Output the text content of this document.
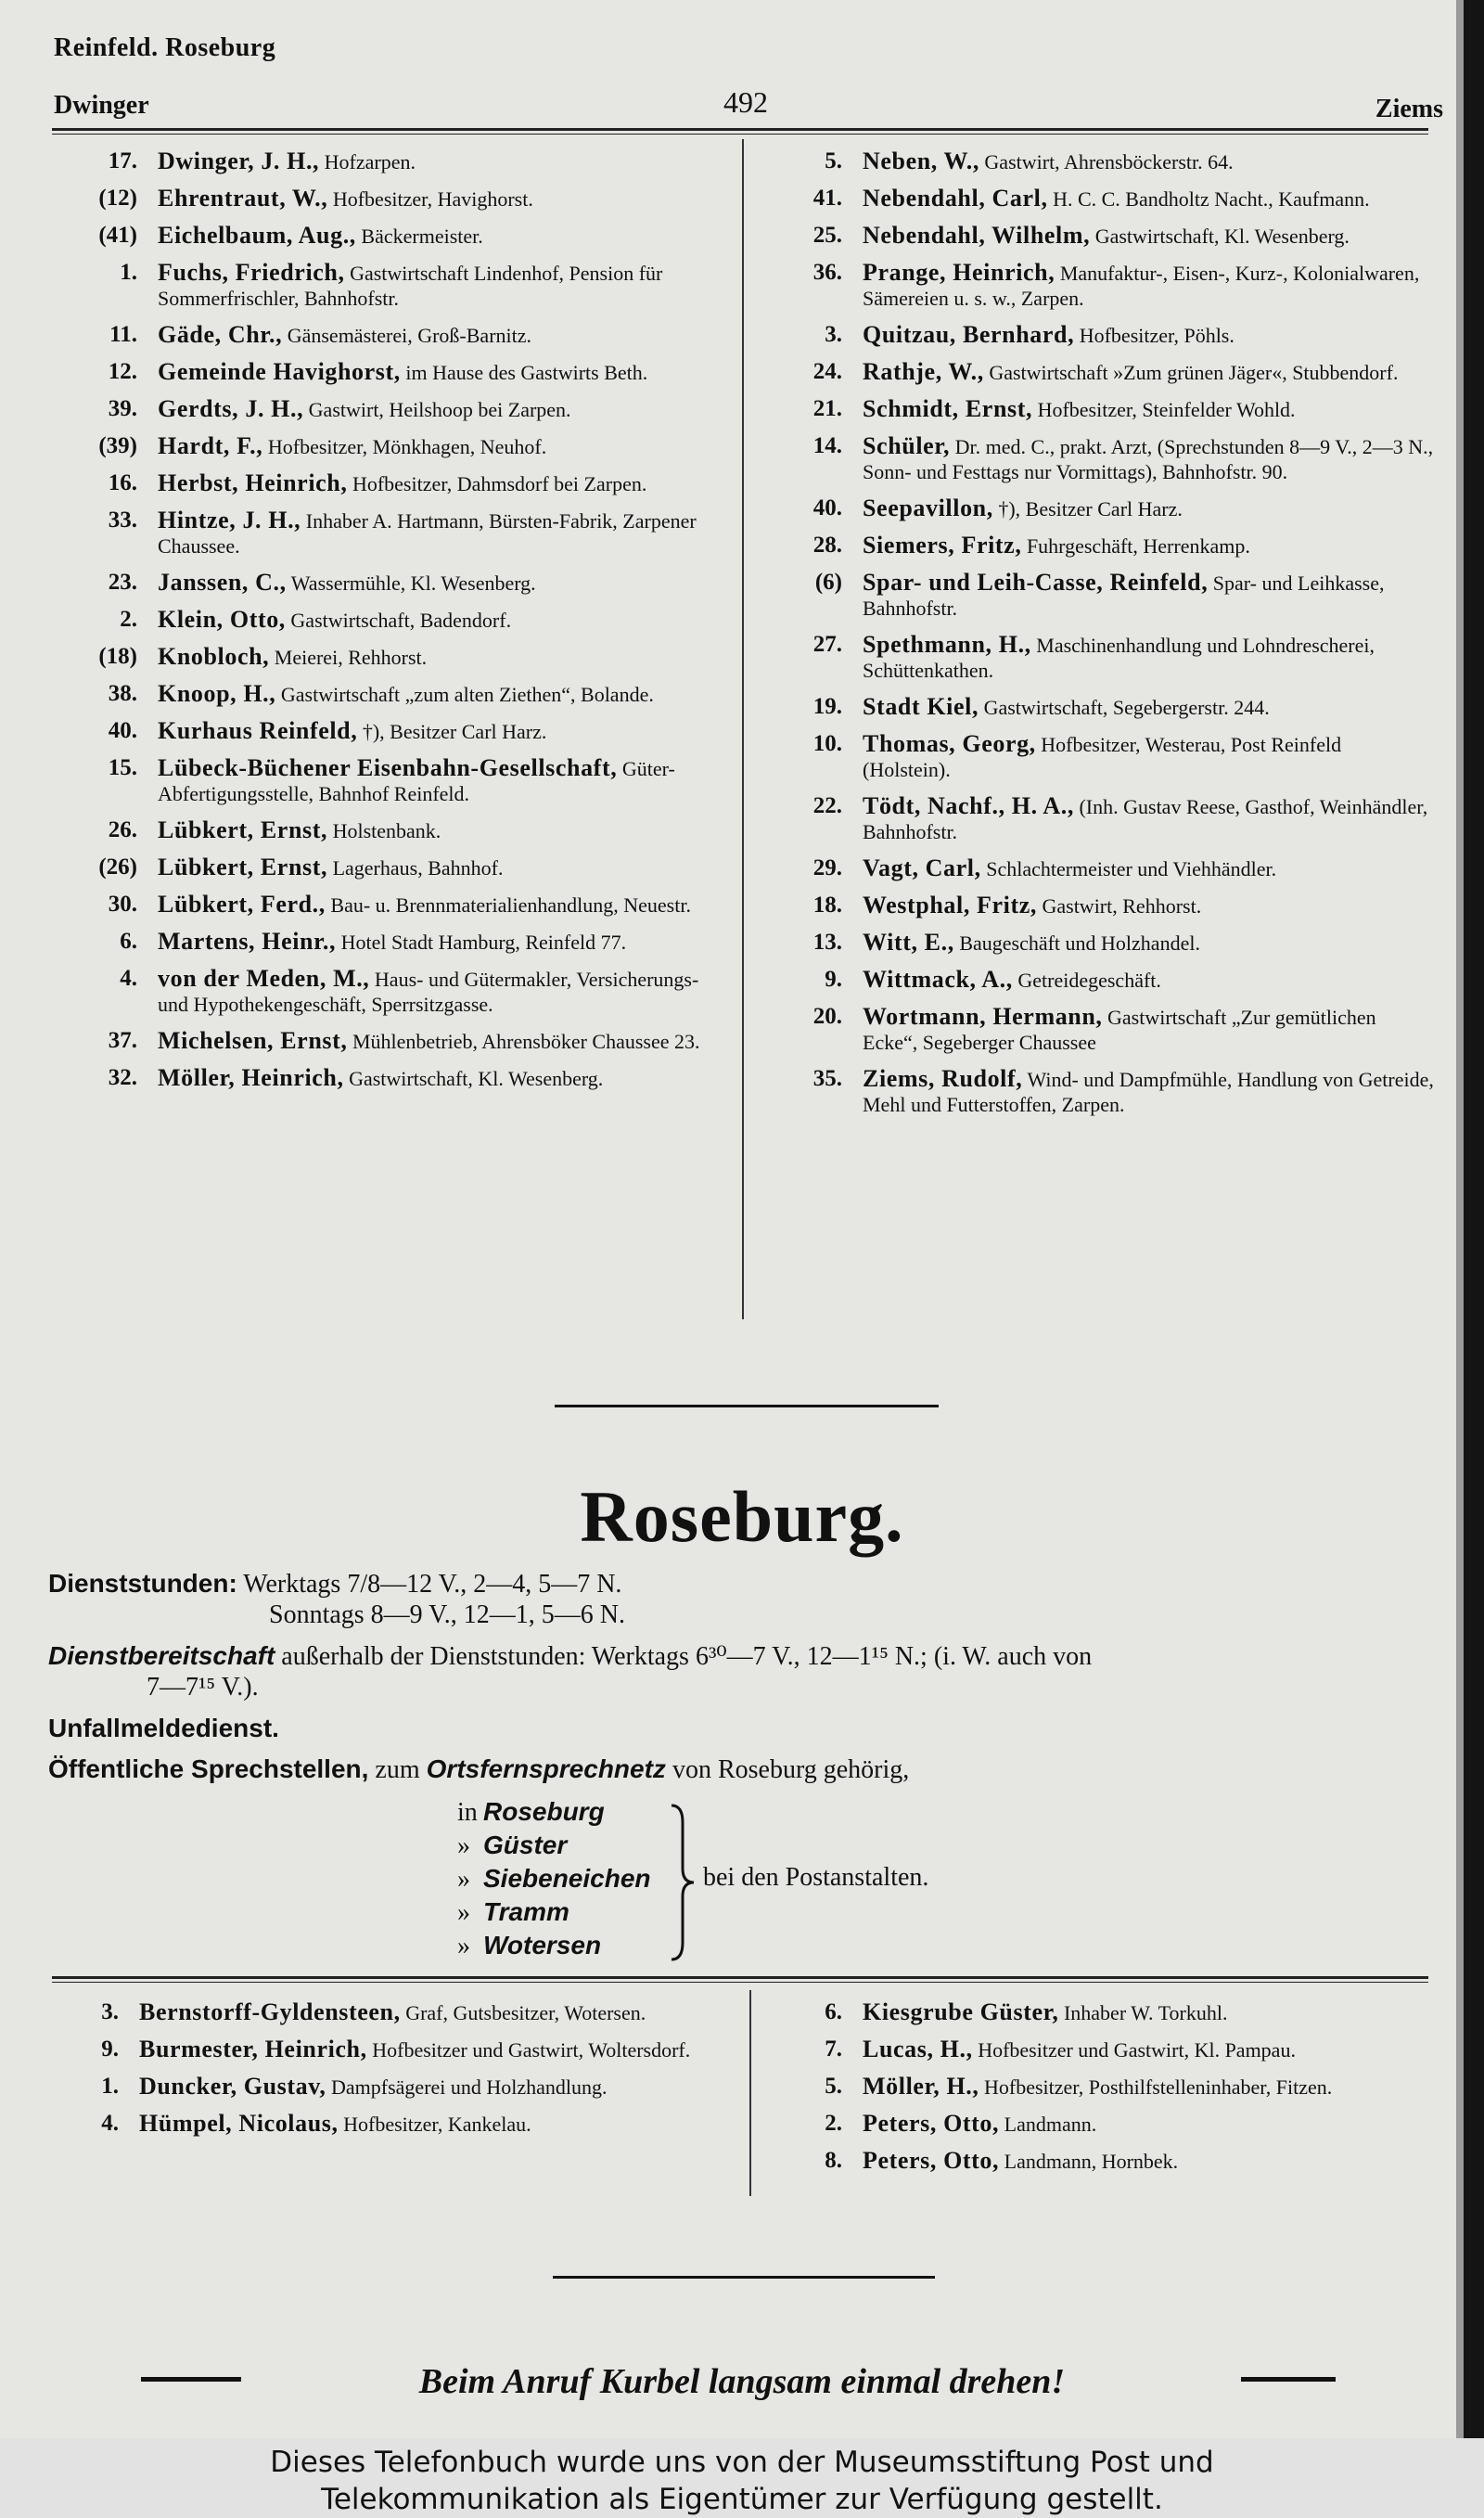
Reinfeld. Roseburg
Dwinger	492	Ziems
17. Dwinger, J. H., Hofzarpen.
(12) Ehrentraut, W., Hofbesitzer, Havighorst.
(41) Eichelbaum, Aug., Bäckermeister.
1. Fuchs, Friedrich, Gastwirtschaft Lindenhof, Pension für Sommerfrischler, Bahnhofstr.
11. Gäde, Chr., Gänsemästerei, Groß-Barnitz.
12. Gemeinde Havighorst, im Hause des Gastwirts Beth.
39. Gerdts, J. H., Gastwirt, Heilshoop bei Zarpen.
(39) Hardt, F., Hofbesitzer, Mönkhagen, Neuhof.
16. Herbst, Heinrich, Hofbesitzer, Dahmsdorf bei Zarpen.
33. Hintze, J. H., Inhaber A. Hartmann, Bürsten-Fabrik, Zarpener Chaussee.
23. Janssen, C., Wassermühle, Kl. Wesenberg.
2. Klein, Otto, Gastwirtschaft, Badendorf.
(18) Knobloch, Meierei, Rehhorst.
38. Knoop, H., Gastwirtschaft „zum alten Ziethen“, Bolande.
40. Kurhaus Reinfeld, †), Besitzer Carl Harz.
15. Lübeck-Büchener Eisenbahn-Gesellschaft, Güter-Abfertigungsstelle, Bahnhof Reinfeld.
26. Lübkert, Ernst, Holstenbank.
(26) Lübkert, Ernst, Lagerhaus, Bahnhof.
30. Lübkert, Ferd., Bau- u. Brennmaterialienhandlung, Neuestr.
6. Martens, Heinr., Hotel Stadt Hamburg, Reinfeld 77.
4. von der Meden, M., Haus- und Gütermakler, Versicherungs- und Hypothekengeschäft, Sperrsitzgasse.
37. Michelsen, Ernst, Mühlenbetrieb, Ahrensböker Chaussee 23.
32. Möller, Heinrich, Gastwirtschaft, Kl. Wesenberg.
5. Neben, W., Gastwirt, Ahrensböckerstr. 64.
41. Nebendahl, Carl, H. C. C. Bandholtz Nacht., Kaufmann.
25. Nebendahl, Wilhelm, Gastwirtschaft, Kl. Wesenberg.
36. Prange, Heinrich, Manufaktur-, Eisen-, Kurz-, Kolonialwaren, Sämereien u. s. w., Zarpen.
3. Quitzau, Bernhard, Hofbesitzer, Pöhls.
24. Rathje, W., Gastwirtschaft »Zum grünen Jäger«, Stubbendorf.
21. Schmidt, Ernst, Hofbesitzer, Steinfelder Wohld.
14. Schüler, Dr. med. C., prakt. Arzt, (Sprechstunden 8—9 V., 2—3 N., Sonn- und Festtags nur Vormittags), Bahnhofstr. 90.
40. Seepavillon, †), Besitzer Carl Harz.
28. Siemers, Fritz, Fuhrgeschäft, Herrenkamp.
(6) Spar- und Leih-Casse, Reinfeld, Spar- und Leihkasse, Bahnhofstr.
27. Spethmann, H., Maschinenhandlung und Lohndrescherei, Schüttenkathen.
19. Stadt Kiel, Gastwirtschaft, Segebergerstr. 244.
10. Thomas, Georg, Hofbesitzer, Westerau, Post Reinfeld (Holstein).
22. Tödt, Nachf., H. A., (Inh. Gustav Reese, Gasthof, Weinhändler, Bahnhofstr.
29. Vagt, Carl, Schlachtermeister und Viehhändler.
18. Westphal, Fritz, Gastwirt, Rehhorst.
13. Witt, E., Baugeschäft und Holzhandel.
9. Wittmack, A., Getreidegeschäft.
20. Wortmann, Hermann, Gastwirtschaft „Zur gemütlichen Ecke“, Segeberger Chaussee
35. Ziems, Rudolf, Wind- und Dampfmühle, Handlung von Getreide, Mehl und Futterstoffen, Zarpen.
Roseburg.
Dienststunden: Werktags 7/8—12 V., 2—4, 5—7 N.
Sonntags 8—9 V., 12—1, 5—6 N.
Dienstbereitschaft außerhalb der Dienststunden: Werktags 6³⁰—7 V., 12—1¹⁵ N.; (i. W. auch von
7—7¹⁵ V.).
Unfallmeldedienst.
Öffentliche Sprechstellen, zum Ortsfernsprechnetz von Roseburg gehörig,
in Roseburg
» Güster
» Siebeneichen
» Tramm
» Wotersen
bei den Postanstalten.
3. Bernstorff-Gyldensteen, Graf, Gutsbesitzer, Wotersen.
9. Burmester, Heinrich, Hofbesitzer und Gastwirt, Woltersdorf.
1. Duncker, Gustav, Dampfsägerei und Holzhandlung.
4. Hümpel, Nicolaus, Hofbesitzer, Kankelau.
6. Kiesgrube Güster, Inhaber W. Torkuhl.
7. Lucas, H., Hofbesitzer und Gastwirt, Kl. Pampau.
5. Möller, H., Hofbesitzer, Posthilfstelleninhaber, Fitzen.
2. Peters, Otto, Landmann.
8. Peters, Otto, Landmann, Hornbek.
Beim Anruf Kurbel langsam einmal drehen!
Dieses Telefonbuch wurde uns von der Museumsstiftung Post und
Telekommunikation als Eigentümer zur Verfügung gestellt.
